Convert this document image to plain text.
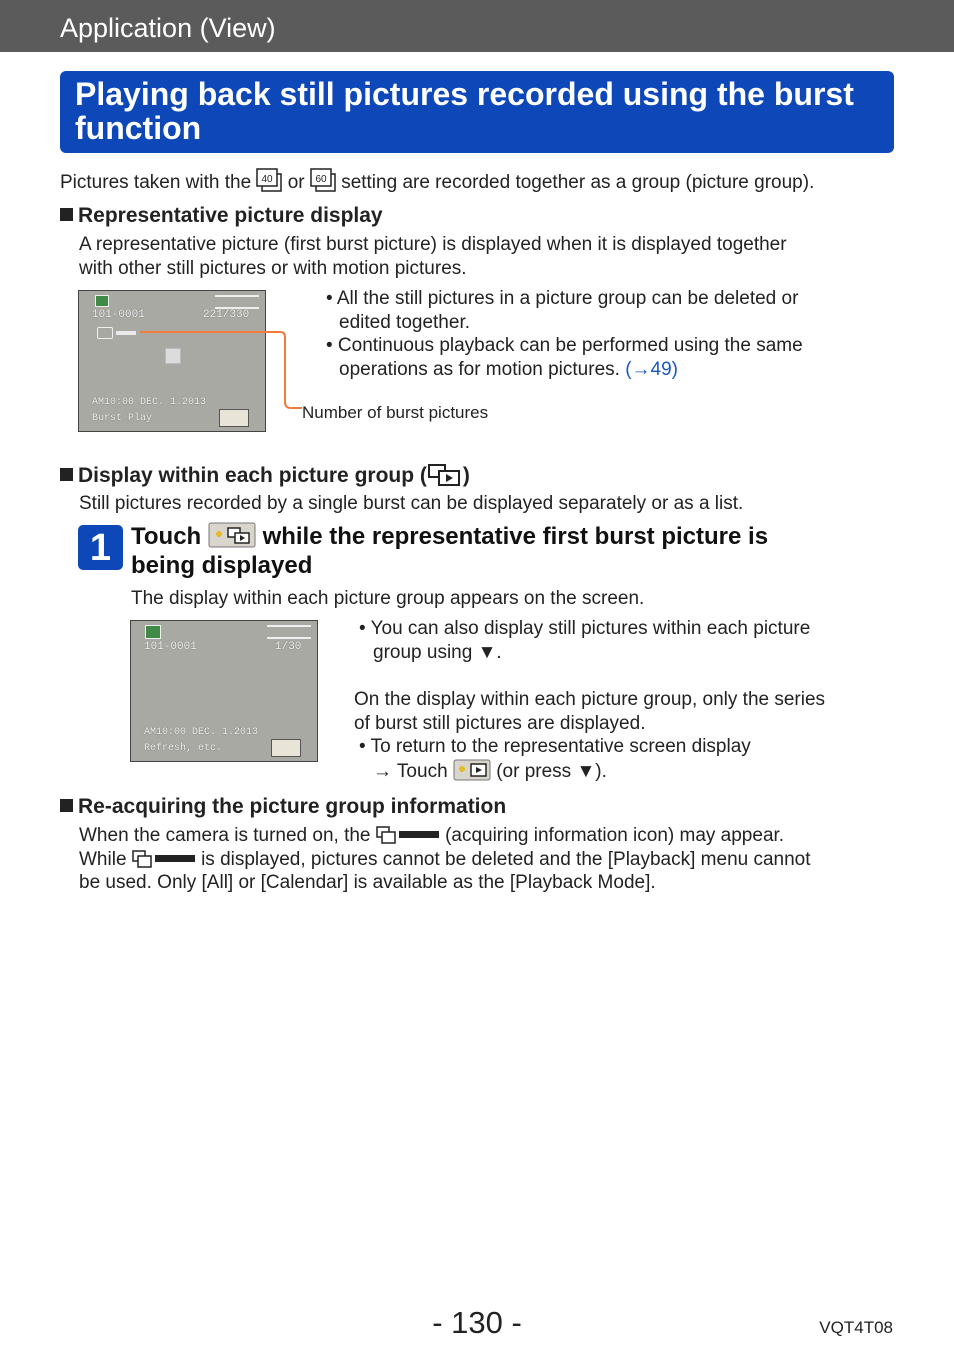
Application (View)
Playing back still pictures recorded using the burst function
Pictures taken with the 40 or 60 setting are recorded together as a group (picture group).
Representative picture display
A representative picture (first burst picture) is displayed when it is displayed together
with other still pictures or with motion pictures.
101-0001	221/330
AM10:00 DEC. 1.2013
Burst Play	Number of burst pictures
• All the still pictures in a picture group can be deleted or
edited together.
• Continuous playback can be performed using the same
operations as for motion pictures. (→49)
Display within each picture group ( )
Still pictures recorded by a single burst can be displayed separately or as a list.
1 Touch	while the representative first burst picture is
being displayed
The display within each picture group appears on the screen.
101-0001	1/30
AM10:00 DEC. 1.2013
Refresh, etc.
• You can also display still pictures within each picture
group using ▼.
On the display within each picture group, only the series
of burst still pictures are displayed.
• To return to the representative screen display
→ Touch	(or press ▼).
Re-acquiring the picture group information
When the camera is turned on, the	(acquiring information icon) may appear.
While	is displayed, pictures cannot be deleted and the [Playback] menu cannot
be used. Only [All] or [Calendar] is available as the [Playback Mode].
- 130 -	VQT4T08
